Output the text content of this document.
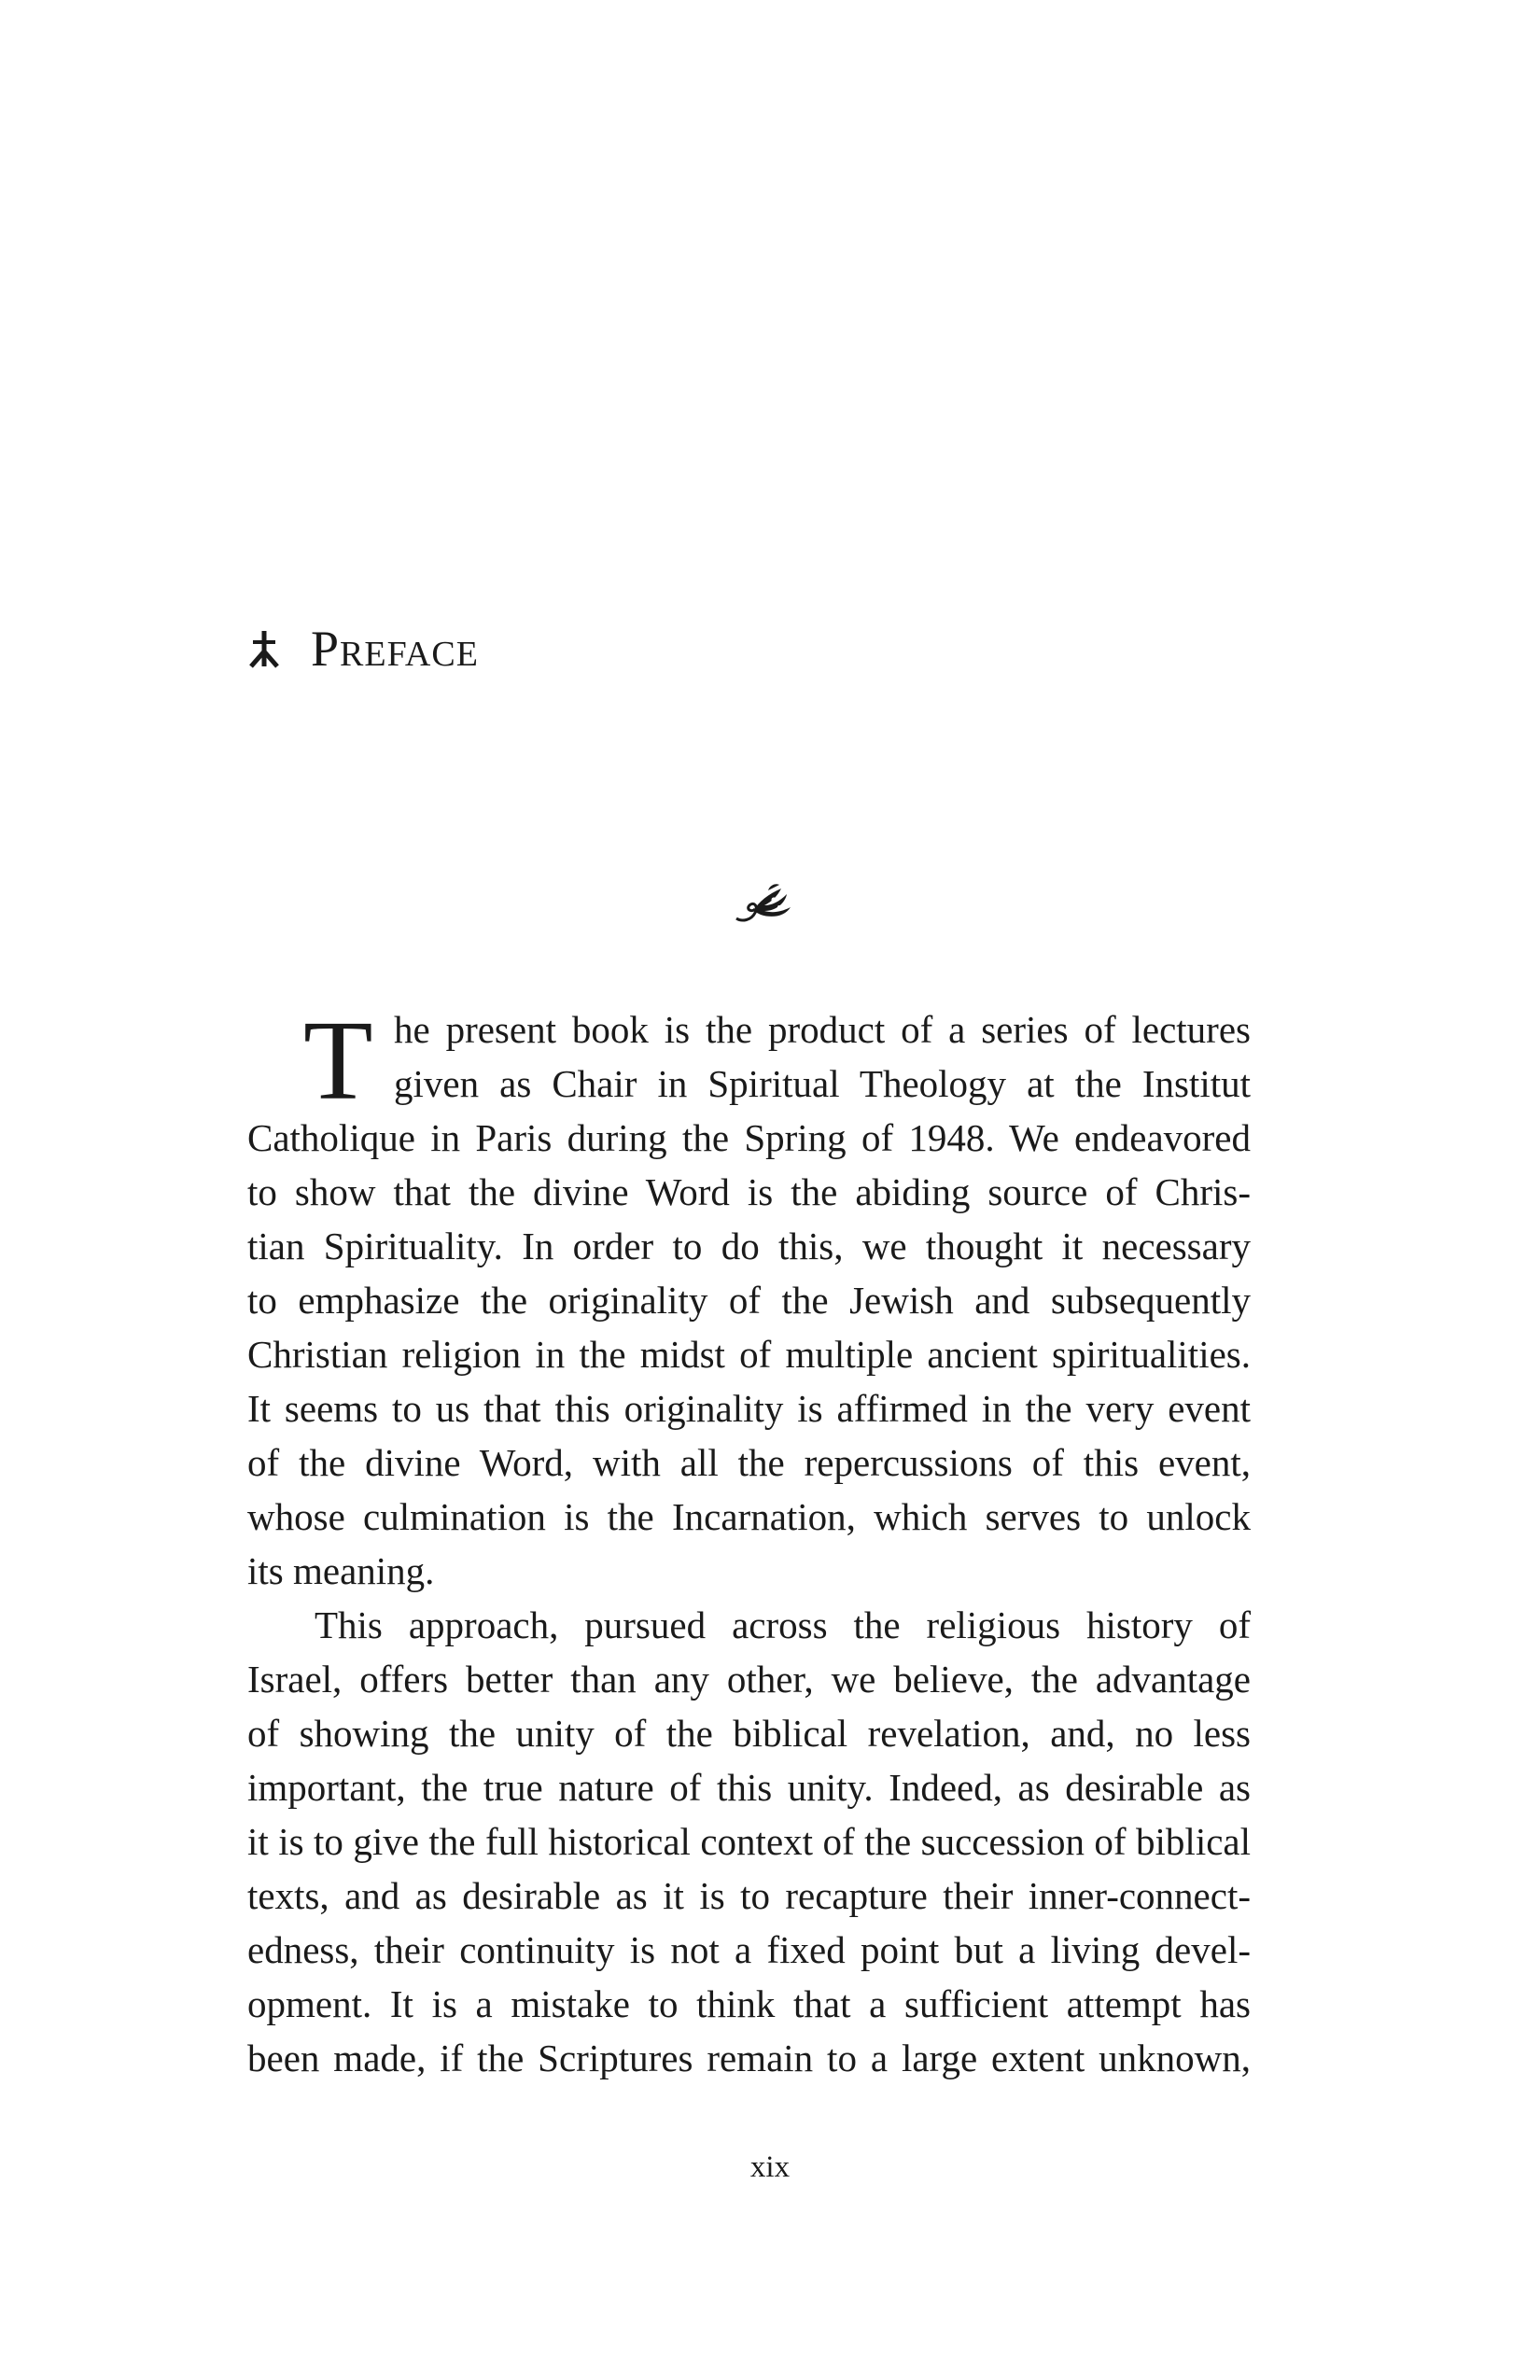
Preface
T he present book is the product of a series of lectures
given as Chair in Spiritual Theology at the Institut
Catholique in Paris during the Spring of 1948. We endeavored
to show that the divine Word is the abiding source of Chris-
tian Spirituality. In order to do this, we thought it necessary
to emphasize the originality of the Jewish and subsequently
Christian religion in the midst of multiple ancient spiritualities.
It seems to us that this originality is affirmed in the very event
of the divine Word, with all the repercussions of this event,
whose culmination is the Incarnation, which serves to unlock
its meaning.
This approach, pursued across the religious history of
Israel, offers better than any other, we believe, the advantage
of showing the unity of the biblical revelation, and, no less
important, the true nature of this unity. Indeed, as desirable as
it is to give the full historical context of the succession of biblical
texts, and as desirable as it is to recapture their inner-connect-
edness, their continuity is not a fixed point but a living devel-
opment. It is a mistake to think that a sufficient attempt has
been made, if the Scriptures remain to a large extent unknown,
xix
